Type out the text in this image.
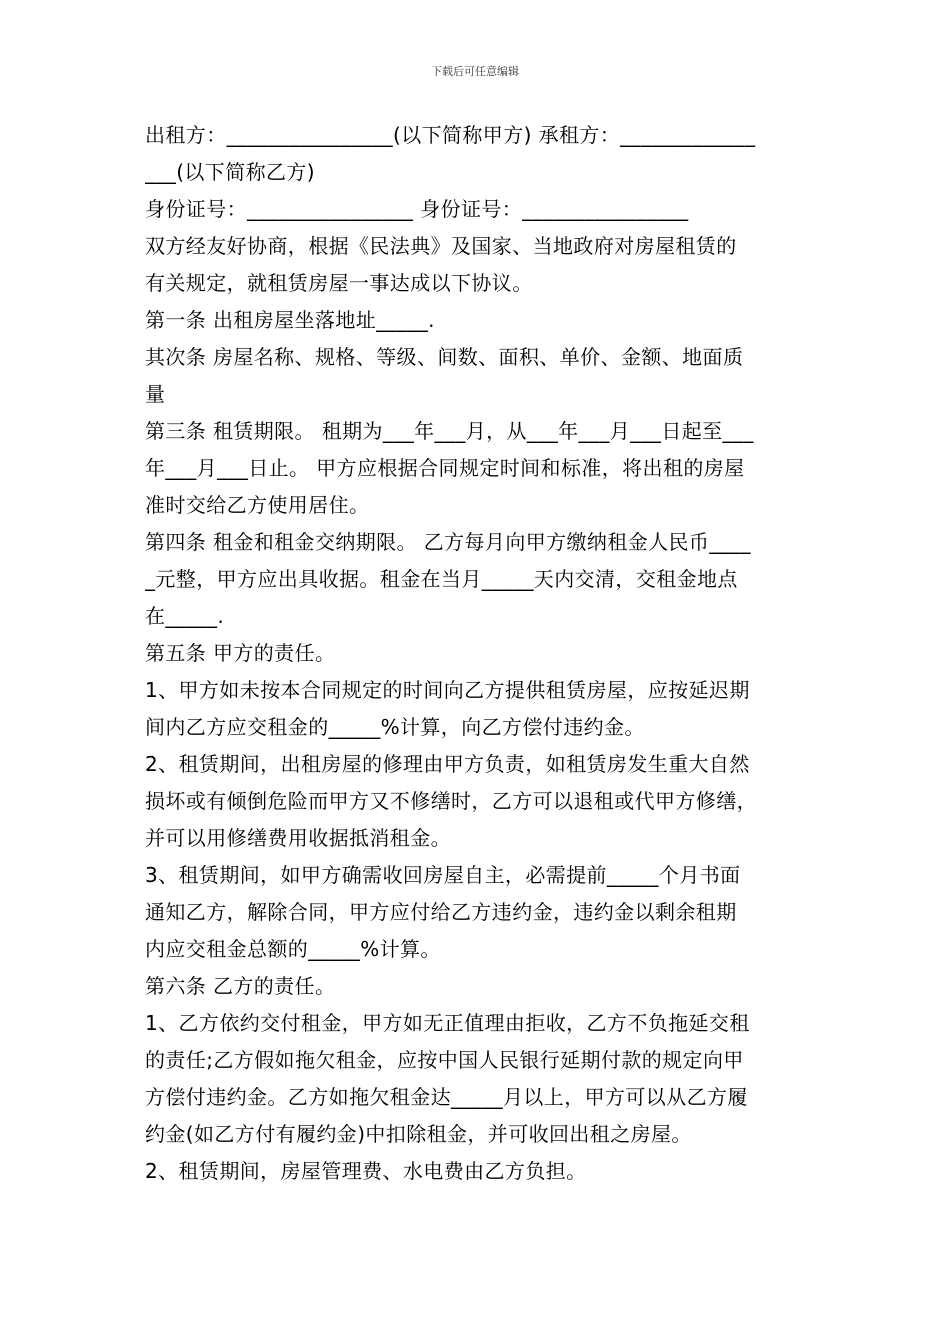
下载后可任意编辑
出租方：________________(以下简称甲方) 承租方：_____________
___(以下简称乙方)
身份证号：________________ 身份证号：________________
双方经友好协商，根据《民法典》及国家、当地政府对房屋租赁的
有关规定，就租赁房屋一事达成以下协议。
第一条 出租房屋坐落地址_____.
其次条 房屋名称、规格、等级、间数、面积、单价、金额、地面质
量
第三条 租赁期限。 租期为___年___月，从___年___月___日起至___
年___月___日止。 甲方应根据合同规定时间和标准，将出租的房屋
准时交给乙方使用居住。
第四条 租金和租金交纳期限。 乙方每月向甲方缴纳租金人民币____
_元整，甲方应出具收据。租金在当月_____天内交清，交租金地点
在_____.
第五条 甲方的责任。
1、甲方如未按本合同规定的时间向乙方提供租赁房屋，应按延迟期
间内乙方应交租金的_____%计算，向乙方偿付违约金。
2、租赁期间，出租房屋的修理由甲方负责，如租赁房发生重大自然
损坏或有倾倒危险而甲方又不修缮时，乙方可以退租或代甲方修缮，
并可以用修缮费用收据抵消租金。
3、租赁期间，如甲方确需收回房屋自主，必需提前_____个月书面
通知乙方，解除合同，甲方应付给乙方违约金，违约金以剩余租期
内应交租金总额的_____%计算。
第六条 乙方的责任。
1、乙方依约交付租金，甲方如无正值理由拒收，乙方不负拖延交租
的责任;乙方假如拖欠租金，应按中国人民银行延期付款的规定向甲
方偿付违约金。乙方如拖欠租金达_____月以上，甲方可以从乙方履
约金(如乙方付有履约金)中扣除租金，并可收回出租之房屋。
2、租赁期间，房屋管理费、水电费由乙方负担。
